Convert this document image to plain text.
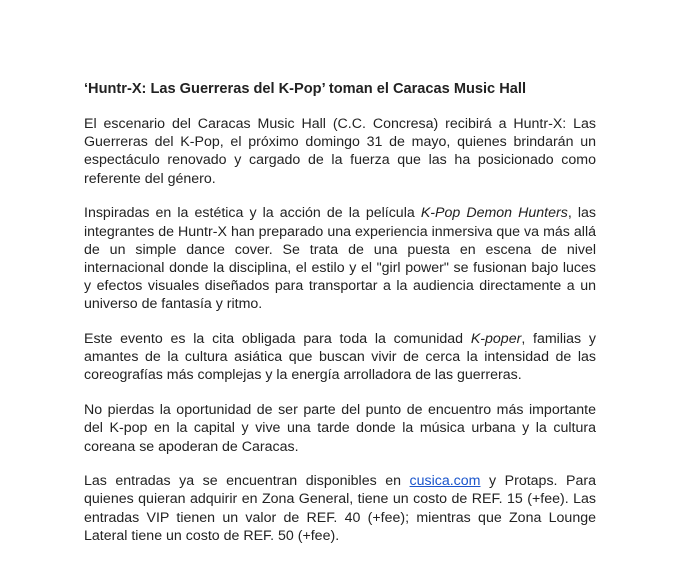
‘Huntr-X: Las Guerreras del K-Pop’ toman el Caracas Music Hall

El escenario del Caracas Music Hall (C.C. Concresa) recibirá a Huntr-X: Las Guerreras del K-Pop, el próximo domingo 31 de mayo, quienes brindarán un espectáculo renovado y cargado de la fuerza que las ha posicionado como referente del género.

Inspiradas en la estética y la acción de la película K-Pop Demon Hunters, las integrantes de Huntr-X han preparado una experiencia inmersiva que va más allá de un simple dance cover. Se trata de una puesta en escena de nivel internacional donde la disciplina, el estilo y el "girl power" se fusionan bajo luces y efectos visuales diseñados para transportar a la audiencia directamente a un universo de fantasía y ritmo.

Este evento es la cita obligada para toda la comunidad K-poper, familias y amantes de la cultura asiática que buscan vivir de cerca la intensidad de las coreografías más complejas y la energía arrolladora de las guerreras.

No pierdas la oportunidad de ser parte del punto de encuentro más importante del K-pop en la capital y vive una tarde donde la música urbana y la cultura coreana se apoderan de Caracas.

Las entradas ya se encuentran disponibles en cusica.com y Protaps. Para quienes quieran adquirir en Zona General, tiene un costo de REF. 15 (+fee). Las entradas VIP tienen un valor de REF. 40 (+fee); mientras que Zona Lounge Lateral tiene un costo de REF. 50 (+fee).
